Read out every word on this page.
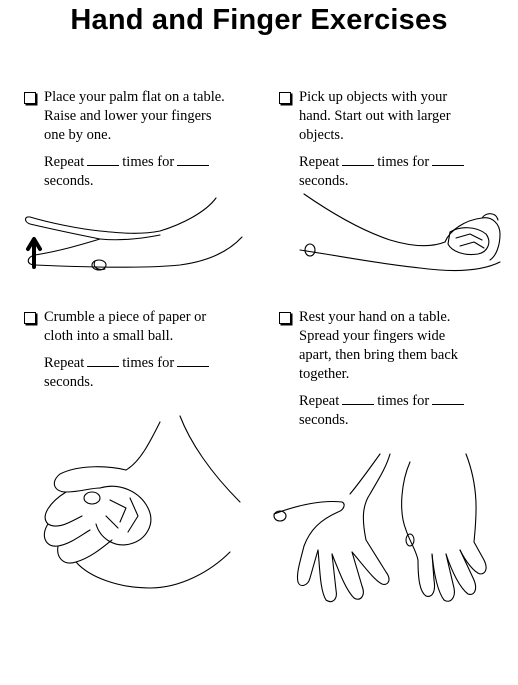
Hand and Finger Exercises
Place your palm flat on a table.
Raise and lower your fingers
one by one.
Repeat	times for
seconds.
Pick up objects with your
hand. Start out with larger
objects.
Repeat	times for
seconds.
Crumble a piece of paper or
cloth into a small ball.
Repeat	times for
seconds.
Rest your hand on a table.
Spread your fingers wide
apart, then bring them back
together.
Repeat	times for
seconds.
